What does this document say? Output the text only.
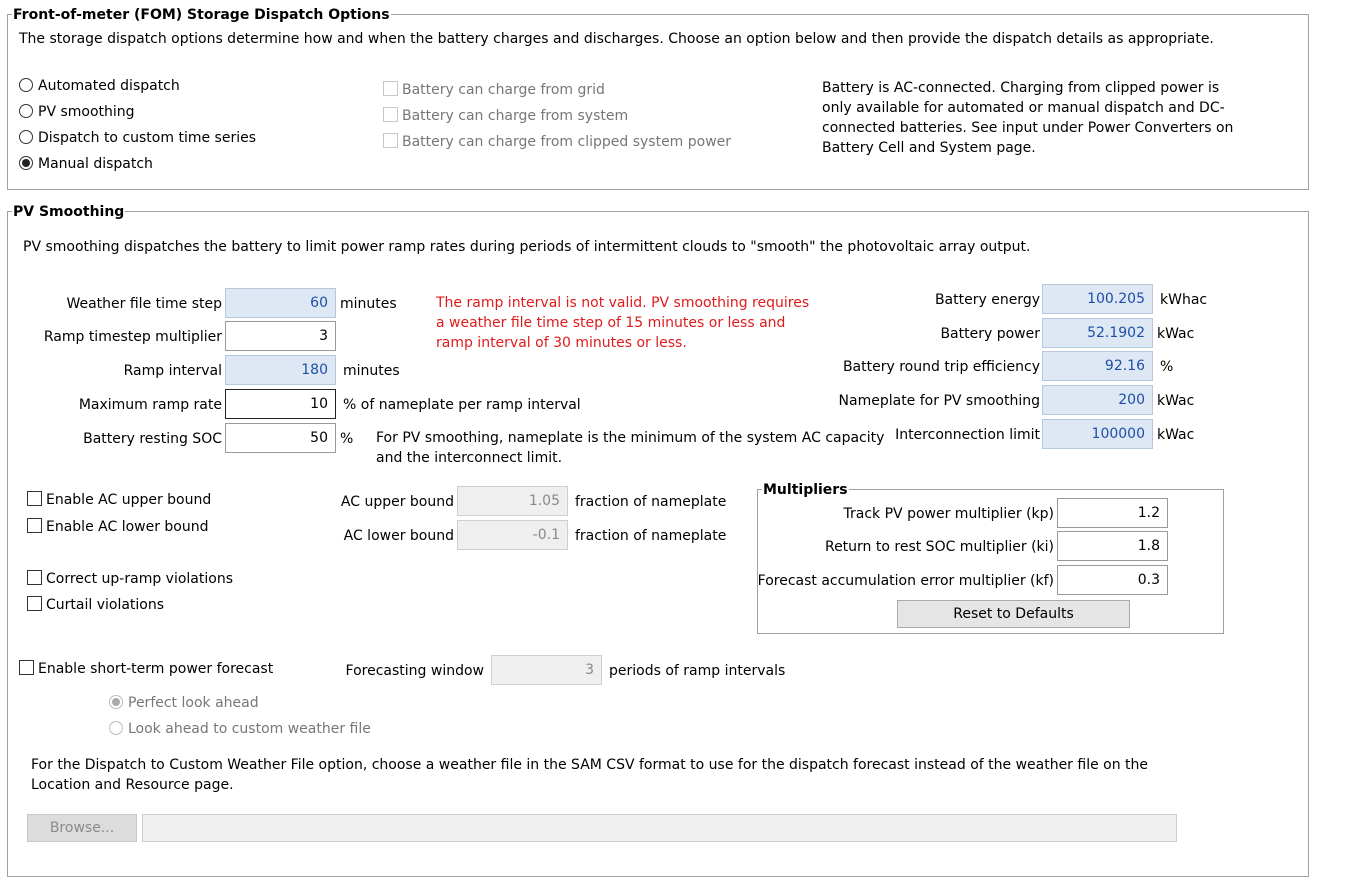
Front-of-meter (FOM) Storage Dispatch Options
The storage dispatch options determine how and when the battery charges and discharges. Choose an option below and then provide the dispatch details as appropriate.
Automated dispatch
PV smoothing
Dispatch to custom time series
Manual dispatch
Battery can charge from grid
Battery can charge from system
Battery can charge from clipped system power
Battery is AC-connected. Charging from clipped power is only available for automated or manual dispatch and DC-connected batteries. See input under Power Converters on Battery Cell and System page.
PV Smoothing
PV smoothing dispatches the battery to limit power ramp rates during periods of intermittent clouds to "smooth" the photovoltaic array output.
Weather file time step	60 minutes
Ramp timestep multiplier	3
Ramp interval	180	minutes
Maximum ramp rate	10	% of nameplate per ramp interval
Battery resting SOC	50 %
The ramp interval is not valid. PV smoothing requires a weather file time step of 15 minutes or less and ramp interval of 30 minutes or less.
For PV smoothing, nameplate is the minimum of the system AC capacity and the interconnect limit.
Battery energy	100.205	kWhac
Battery power	52.1902 kWac
Battery round trip efficiency	92.16	%
Nameplate for PV smoothing	200 kWac
Interconnection limit	100000 kWac
Enable AC upper bound
Enable AC lower bound
AC upper bound	1.05	fraction of nameplate
AC lower bound	-0.1	fraction of nameplate
Correct up-ramp violations
Curtail violations
Multipliers
Track PV power multiplier (kp)	1.2
Return to rest SOC multiplier (ki)	1.8
Forecast accumulation error multiplier (kf)	0.3
Reset to Defaults
Enable short-term power forecast	Forecasting window	3	periods of ramp intervals
Perfect look ahead
Look ahead to custom weather file
For the Dispatch to Custom Weather File option, choose a weather file in the SAM CSV format to use for the dispatch forecast instead of the weather file on the Location and Resource page.
Browse...
